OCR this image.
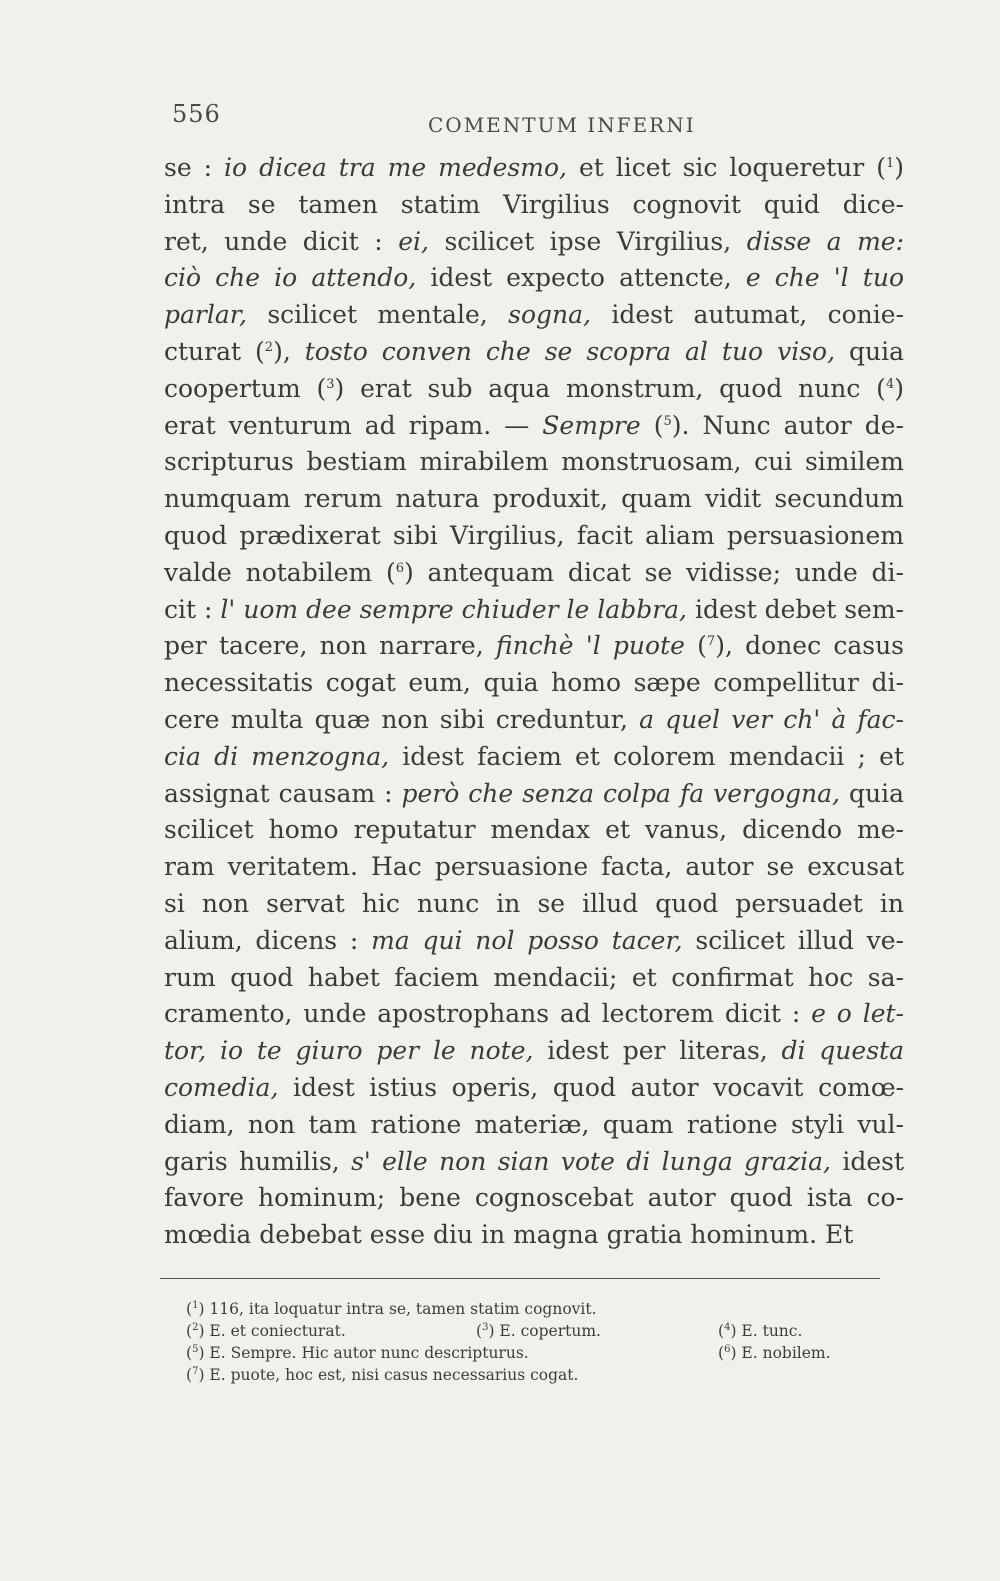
556	COMENTUM INFERNI
se : io dicea tra me medesmo, et licet sic loqueretur ($^1$)
intra se tamen statim Virgilius cognovit quid dice-
ret, unde dicit : ei, scilicet ipse Virgilius, disse a me:
ciò che io attendo, idest expecto attencte, e che 'l tuo
parlar, scilicet mentale, sogna, idest autumat, conie-
cturat ($^2$), tosto conven che se scopra al tuo viso, quia
coopertum ($^3$) erat sub aqua monstrum, quod nunc ($^4$)
erat venturum ad ripam. — Sempre ($^5$). Nunc autor de-
scripturus bestiam mirabilem monstruosam, cui similem
numquam rerum natura produxit, quam vidit secundum
quod prædixerat sibi Virgilius, facit aliam persuasionem
valde notabilem ($^6$) antequam dicat se vidisse; unde di-
cit : l' uom dee sempre chiuder le labbra, idest debet sem-
per tacere, non narrare, finchè 'l puote ($^7$), donec casus
necessitatis cogat eum, quia homo sæpe compellitur di-
cere multa quæ non sibi creduntur, a quel ver ch' à fac-
cia di menzogna, idest faciem et colorem mendacii ; et
assignat causam : però che senza colpa fa vergogna, quia
scilicet homo reputatur mendax et vanus, dicendo me-
ram veritatem. Hac persuasione facta, autor se excusat
si non servat hic nunc in se illud quod persuadet in
alium, dicens : ma qui nol posso tacer, scilicet illud ve-
rum quod habet faciem mendacii; et confirmat hoc sa-
cramento, unde apostrophans ad lectorem dicit : e o let-
tor, io te giuro per le note, idest per literas, di questa
comedia, idest istius operis, quod autor vocavit comœ-
diam, non tam ratione materiæ, quam ratione styli vul-
garis humilis, s' elle non sian vote di lunga grazia, idest
favore hominum; bene cognoscebat autor quod ista co-
mœdia debebat esse diu in magna gratia hominum. Et
($^1$) 116, ita loquatur intra se, tamen statim cognovit.
($^2$) E. et coniecturat.	($^3$) E. copertum.	($^4$) E. tunc.
($^5$) E. Sempre. Hic autor nunc descripturus.	($^6$) E. nobilem.
($^7$) E. puote, hoc est, nisi casus necessarius cogat.
